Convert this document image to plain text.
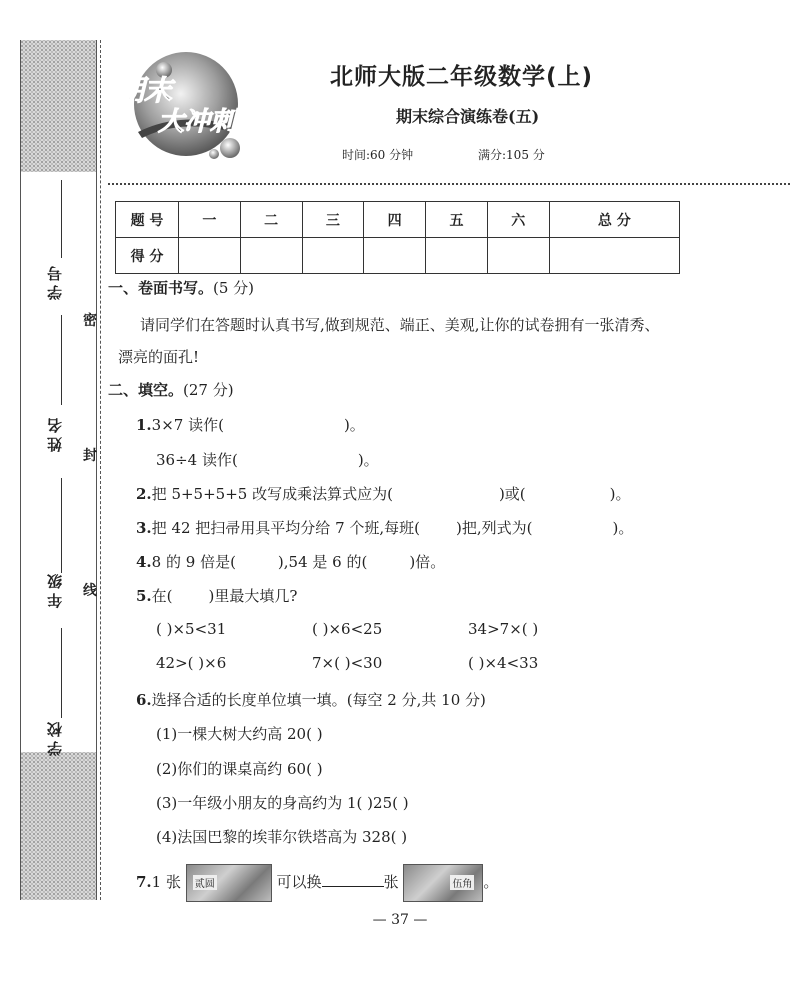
学号
姓名
年级
学校
密
封
线
期末
大冲刺
北师大版二年级数学(上)
期末综合演练卷(五)
时间:60 分钟	满分:105 分
题 号	一	二	三	四	五	六	总 分
得 分							
一、卷面书写。(5 分)
请同学们在答题时认真书写,做到规范、端正、美观,让你的试卷拥有一张清秀、
漂亮的面孔!
二、填空。(27 分)
1.3×7 读作(	)。
36÷4 读作(	)。
2.把 5+5+5+5 改写成乘法算式应为(	)或(	)。
3.把 42 把扫帚用具平均分给 7 个班,每班( )把,列式为(	)。
4.8 的 9 倍是(	),54 是 6 的(	)倍。
5.在( )里最大填几?
( )×5<31	( )×6<25	34>7×( )
42>( )×6	7×( )<30	( )×4<33
6.选择合适的长度单位填一填。(每空 2 分,共 10 分)
(1)一棵大树大约高 20( )
(2)你们的课桌高约 60( )
(3)一年级小朋友的身高约为 1( )25( )
(4)法国巴黎的埃菲尔铁塔高为 328( )
7.1 张 贰圆	可以换	张	伍角 。
— 37 —
